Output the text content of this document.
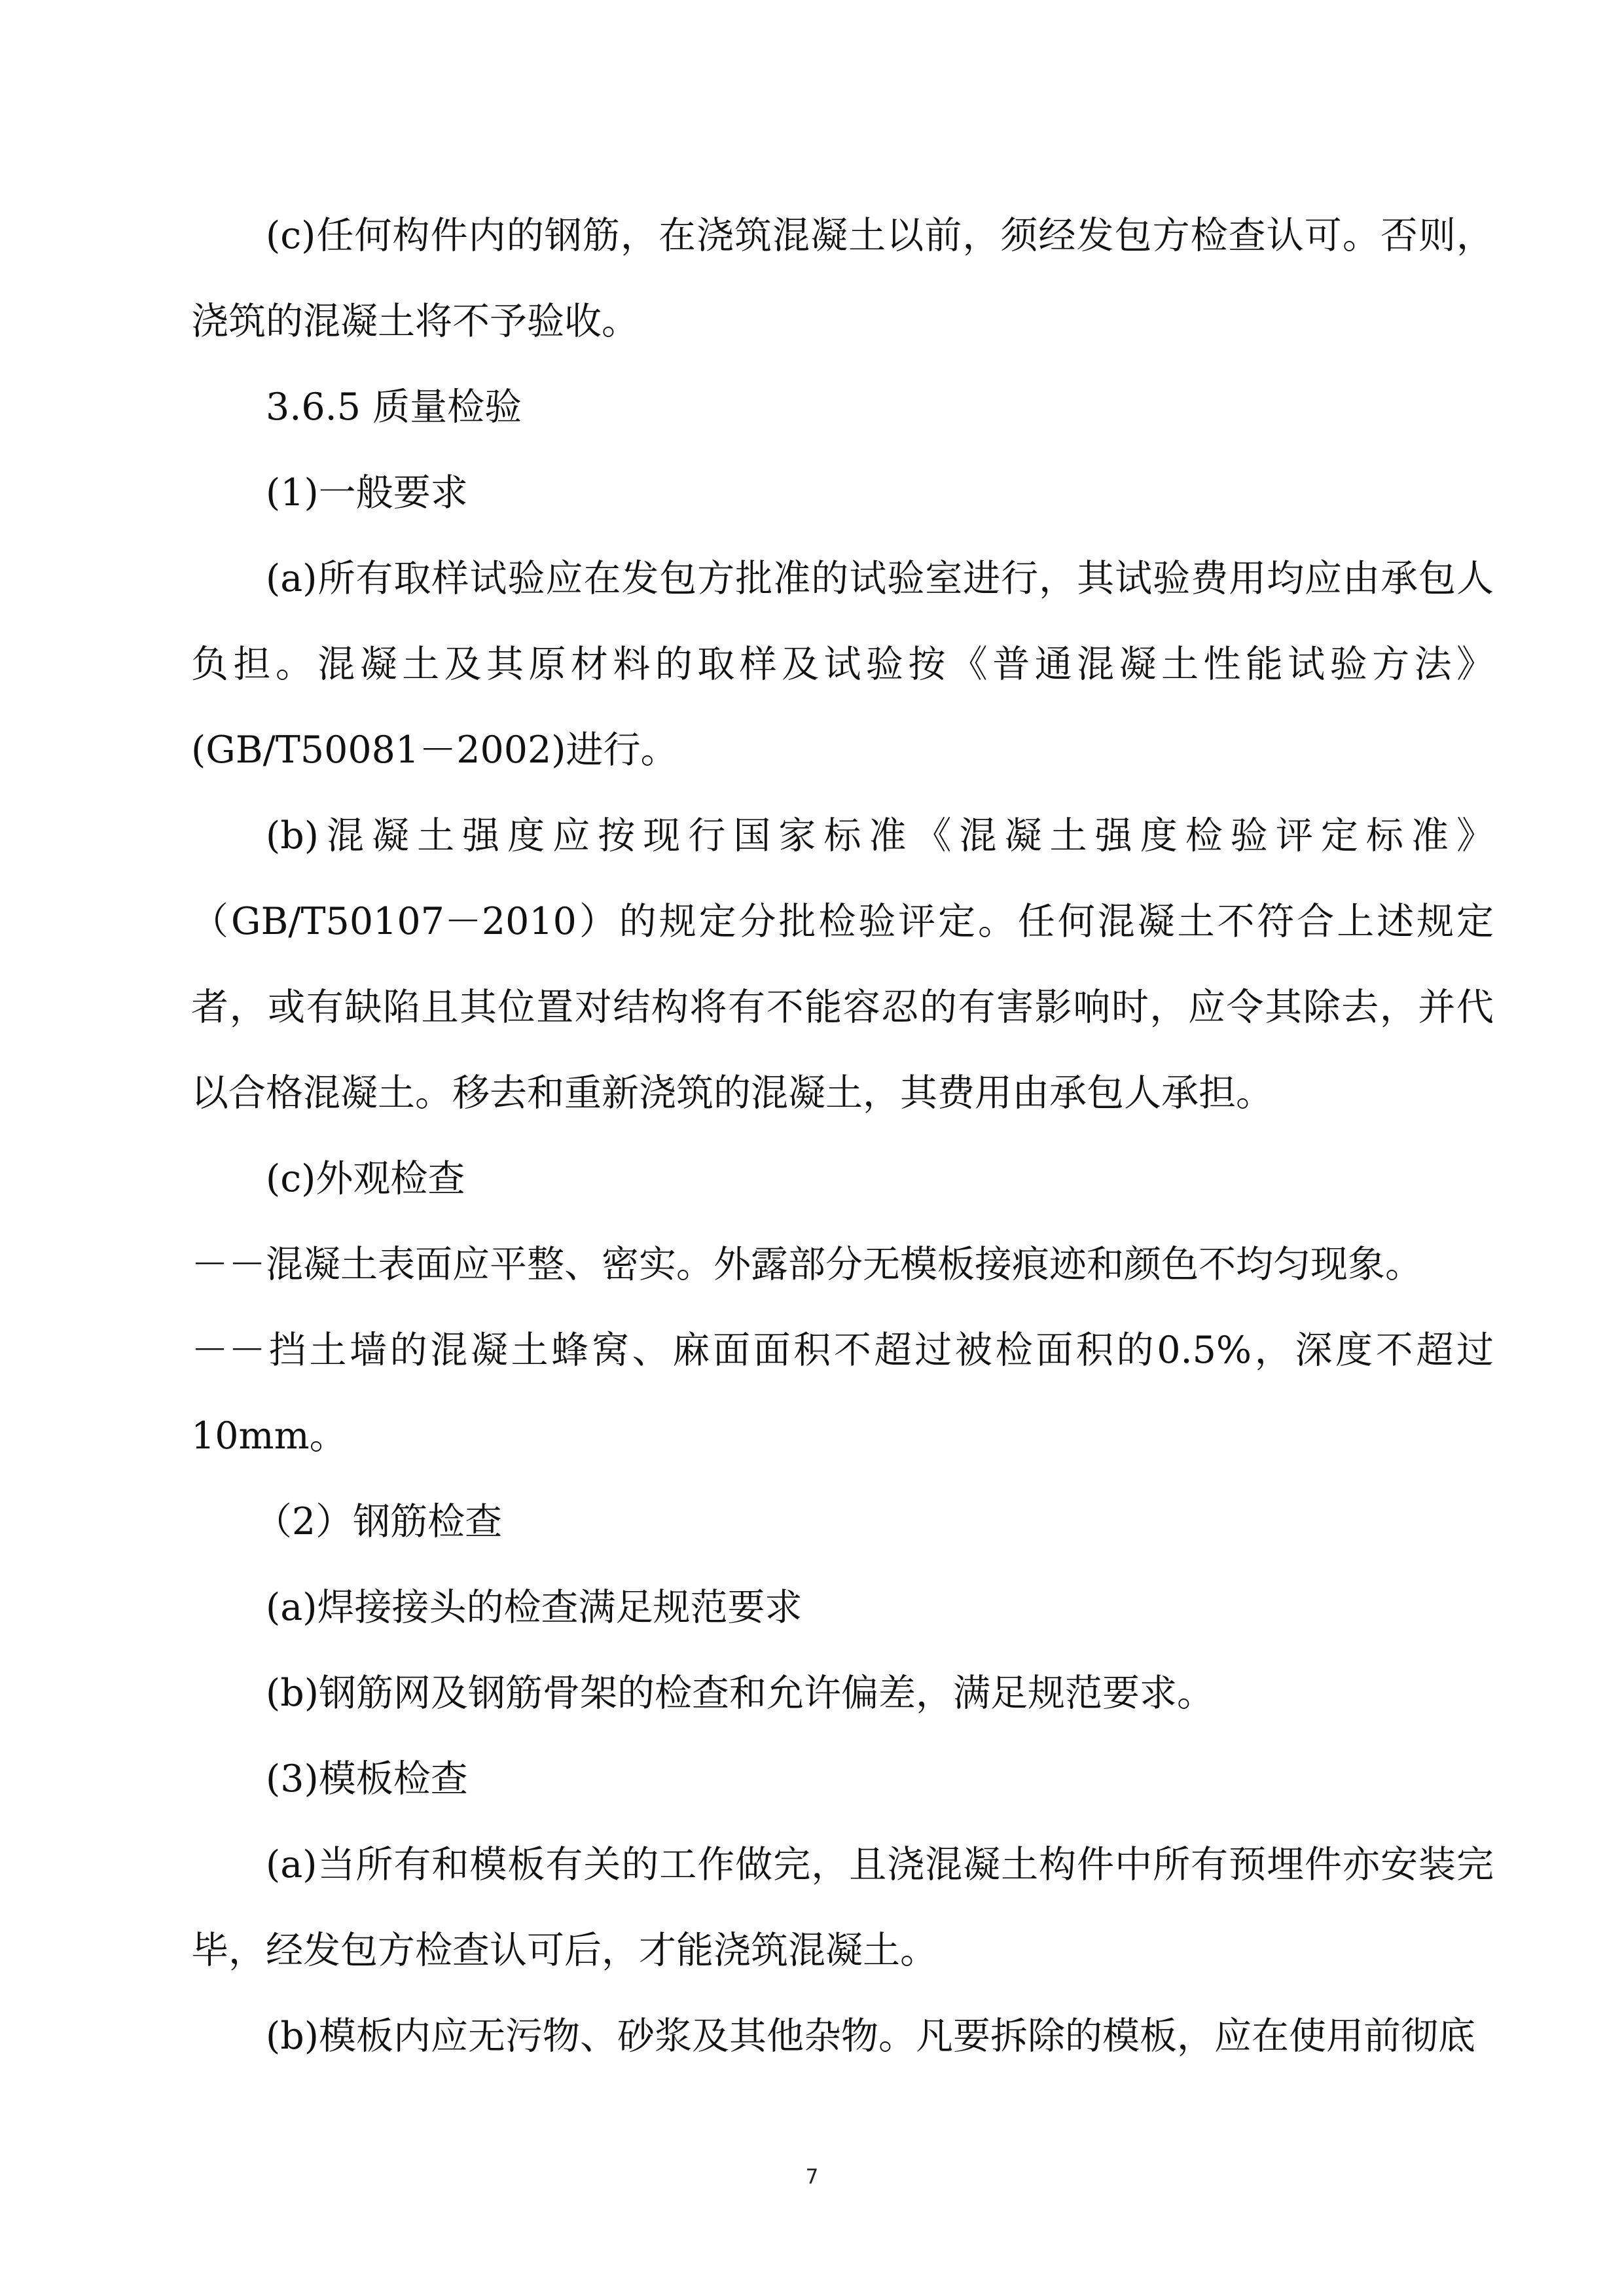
(c)任何构件内的钢筋，在浇筑混凝土以前，须经发包方检查认可。否则，浇筑的混凝土将不予验收。

3.6.5 质量检验

(1)一般要求

(a)所有取样试验应在发包方批准的试验室进行，其试验费用均应由承包人负担。混凝土及其原材料的取样及试验按《普通混凝土性能试验方法》(GB/T50081－2002)进行。

(b)混凝土强度应按现行国家标准《混凝土强度检验评定标准》（GB/T50107－2010）的规定分批检验评定。任何混凝土不符合上述规定者，或有缺陷且其位置对结构将有不能容忍的有害影响时，应令其除去，并代以合格混凝土。移去和重新浇筑的混凝土，其费用由承包人承担。

(c)外观检查

－－混凝土表面应平整、密实。外露部分无模板接痕迹和颜色不均匀现象。

－－挡土墙的混凝土蜂窝、麻面面积不超过被检面积的0.5%，深度不超过10mm。

（2）钢筋检查

(a)焊接接头的检查满足规范要求

(b)钢筋网及钢筋骨架的检查和允许偏差，满足规范要求。

(3)模板检查

(a)当所有和模板有关的工作做完，且浇混凝土构件中所有预埋件亦安装完毕，经发包方检查认可后，才能浇筑混凝土。

(b)模板内应无污物、砂浆及其他杂物。凡要拆除的模板，应在使用前彻底

7
